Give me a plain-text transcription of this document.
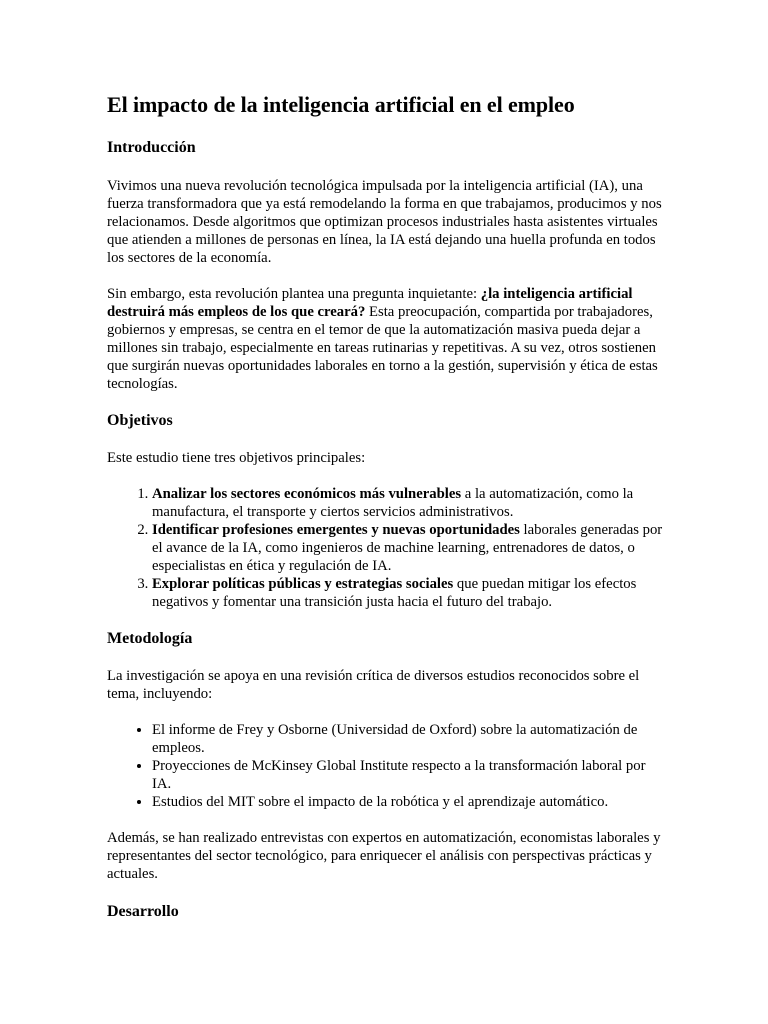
El impacto de la inteligencia artificial en el empleo
Introducción

Vivimos una nueva revolución tecnológica impulsada por la inteligencia artificial (IA), una fuerza transformadora que ya está remodelando la forma en que trabajamos, producimos y nos relacionamos. Desde algoritmos que optimizan procesos industriales hasta asistentes virtuales que atienden a millones de personas en línea, la IA está dejando una huella profunda en todos los sectores de la economía.

Sin embargo, esta revolución plantea una pregunta inquietante: ¿la inteligencia artificial destruirá más empleos de los que creará? Esta preocupación, compartida por trabajadores, gobiernos y empresas, se centra en el temor de que la automatización masiva pueda dejar a millones sin trabajo, especialmente en tareas rutinarias y repetitivas. A su vez, otros sostienen que surgirán nuevas oportunidades laborales en torno a la gestión, supervisión y ética de estas tecnologías.

Objetivos

Este estudio tiene tres objetivos principales:

1. Analizar los sectores económicos más vulnerables a la automatización, como la manufactura, el transporte y ciertos servicios administrativos.
2. Identificar profesiones emergentes y nuevas oportunidades laborales generadas por el avance de la IA, como ingenieros de machine learning, entrenadores de datos, o especialistas en ética y regulación de IA.
3. Explorar políticas públicas y estrategias sociales que puedan mitigar los efectos negativos y fomentar una transición justa hacia el futuro del trabajo.
Metodología

La investigación se apoya en una revisión crítica de diversos estudios reconocidos sobre el tema, incluyendo:

• El informe de Frey y Osborne (Universidad de Oxford) sobre la automatización de empleos.
• Proyecciones de McKinsey Global Institute respecto a la transformación laboral por IA.
• Estudios del MIT sobre el impacto de la robótica y el aprendizaje automático.

Además, se han realizado entrevistas con expertos en automatización, economistas laborales y representantes del sector tecnológico, para enriquecer el análisis con perspectivas prácticas y actuales.

Desarrollo
